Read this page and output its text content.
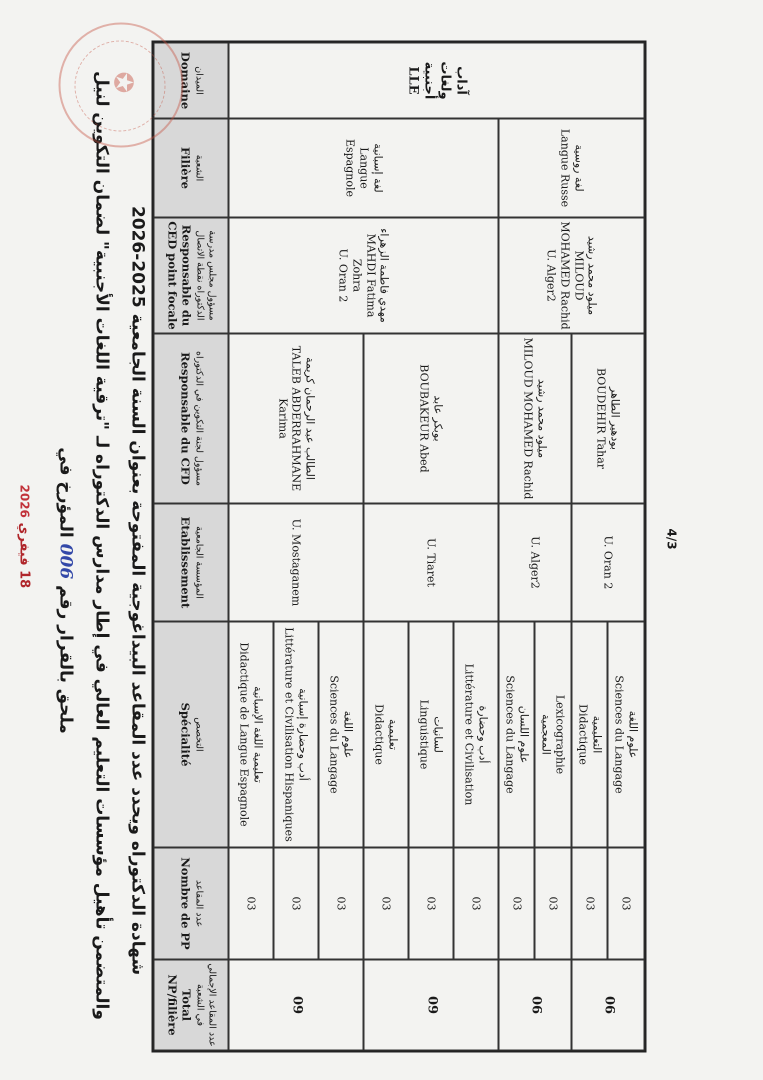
18 فيفري 2026
ملحق بالقرار رقم 006 المؤرخ في والمتضمن تأهيل مؤسسات التعليم العالي في إطار مدارس الدكتوراه لـ "ترقية اللغات الأجنبية" لضمان التكوين لنيل شهادة الدكتوراه ويحدد عدد المقاعد البيداغوجية المفتوحة بعنوان السنة الجامعية 2025-2026
الميدان
Domaine
الشعبة
Filière
مسؤول مجلس مدرسة الدكتوراه نقطة الاتصال
Responsable du CED point focale
مسؤول لجنة التكوين في الدكتوراه
Responsable du CFD
المؤسسة الجامعية
Etablissement
التخصص
Spécialité
عدد المقاعد
Nombre de PP
عدد المقاعد الإجمالي في الشعبة
Total NP/filière
آداب
ولغات أجنبية
LLE
لغة إسبانية
Langue Espagnole
مهدي فاطمة الزهراء
MAHDI Fatima Zohra
U. Oran 2
الطالب عبد الرحمان كريمة
TALEB ABDERRAHMANE Karima
U. Mostaganem
تعليمية اللغة الإسبانية
Didactique de Langue Espagnole
03
أدب وحضارة إسبانية
Littérature et Civilisation Hispaniques
03
علوم اللغة
Sciences du Langage
03
09
بوبكر عابد
BOUBAKEUR Abed
U. Tiaret
تعليمية
Didactique
03
لسانيات
Linguistique
03
أدب وحضارة
Littérature et Civilisation
03
09
لغة روسية
Langue Russe
ميلود محمد رشيد
MILOUD MOHAMED Rachid
U. Alger2
ميلود محمد رشيد
MILOUD MOHAMED Rachid
U. Alger2
علوم اللسان
Sciences du Langage
03
Lexicographie
المعجمية
03
06
بودهير الطاهر
BOUDEHIR Tahar
U. Oran 2
التعليمية
Didactique
03
علوم اللغة
Sciences du Langage
03
06
4/3
✪
